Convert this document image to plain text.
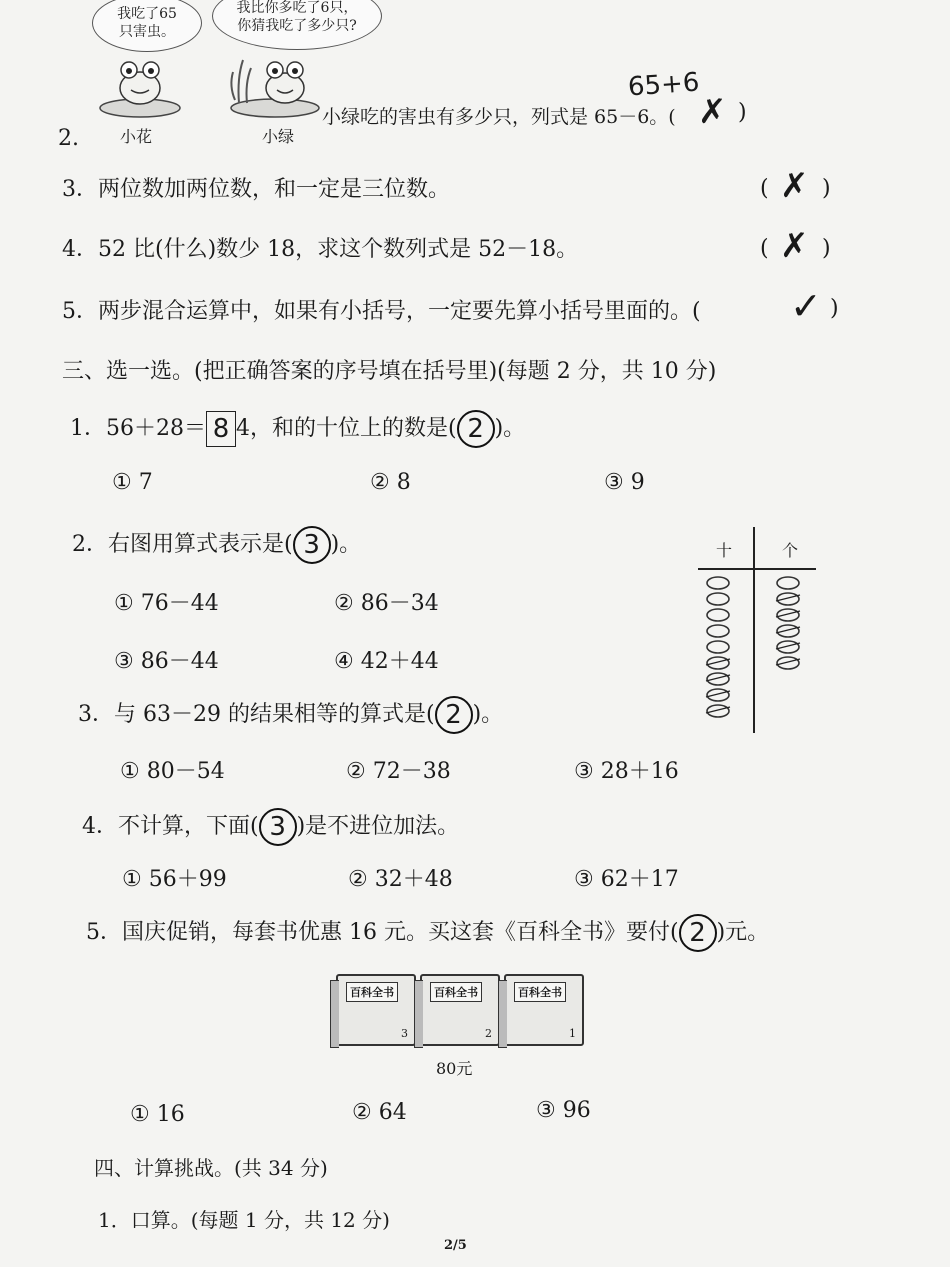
我吃了65
只害虫。
我比你多吃了6只，
你猜我吃了多少只?
小花	小绿
2.
小绿吃的害虫有多少只，列式是 65－6。(
65+6
✗ )
3．两位数加两位数，和一定是三位数。	( ✗ )
4．52 比(什么)数少 18，求这个数列式是 52－18。	( ✗ )
5．两步混合运算中，如果有小括号，一定要先算小括号里面的。( ✓ )
三、选一选。(把正确答案的序号填在括号里)(每题 2 分，共 10 分)
1．56＋28＝ 8 4，和的十位上的数是( 2 )。
① 7	② 8	③ 9
2．右图用算式表示是( 3 )。
① 76－44	② 86－34
③ 86－44	④ 42＋44
十	个
3．与 63－29 的结果相等的算式是( 2 )。
① 80－54	② 72－38	③ 28＋16
4．不计算，下面( 3 )是不进位加法。
① 56＋99	② 32＋48	③ 62＋17
5．国庆促销，每套书优惠 16 元。买这套《百科全书》要付( 2 )元。
百科全书
3
百科全书
2
百科全书
1
80元
① 16	② 64	③ 96
四、计算挑战。(共 34 分)
1．口算。(每题 1 分，共 12 分)
2/5
